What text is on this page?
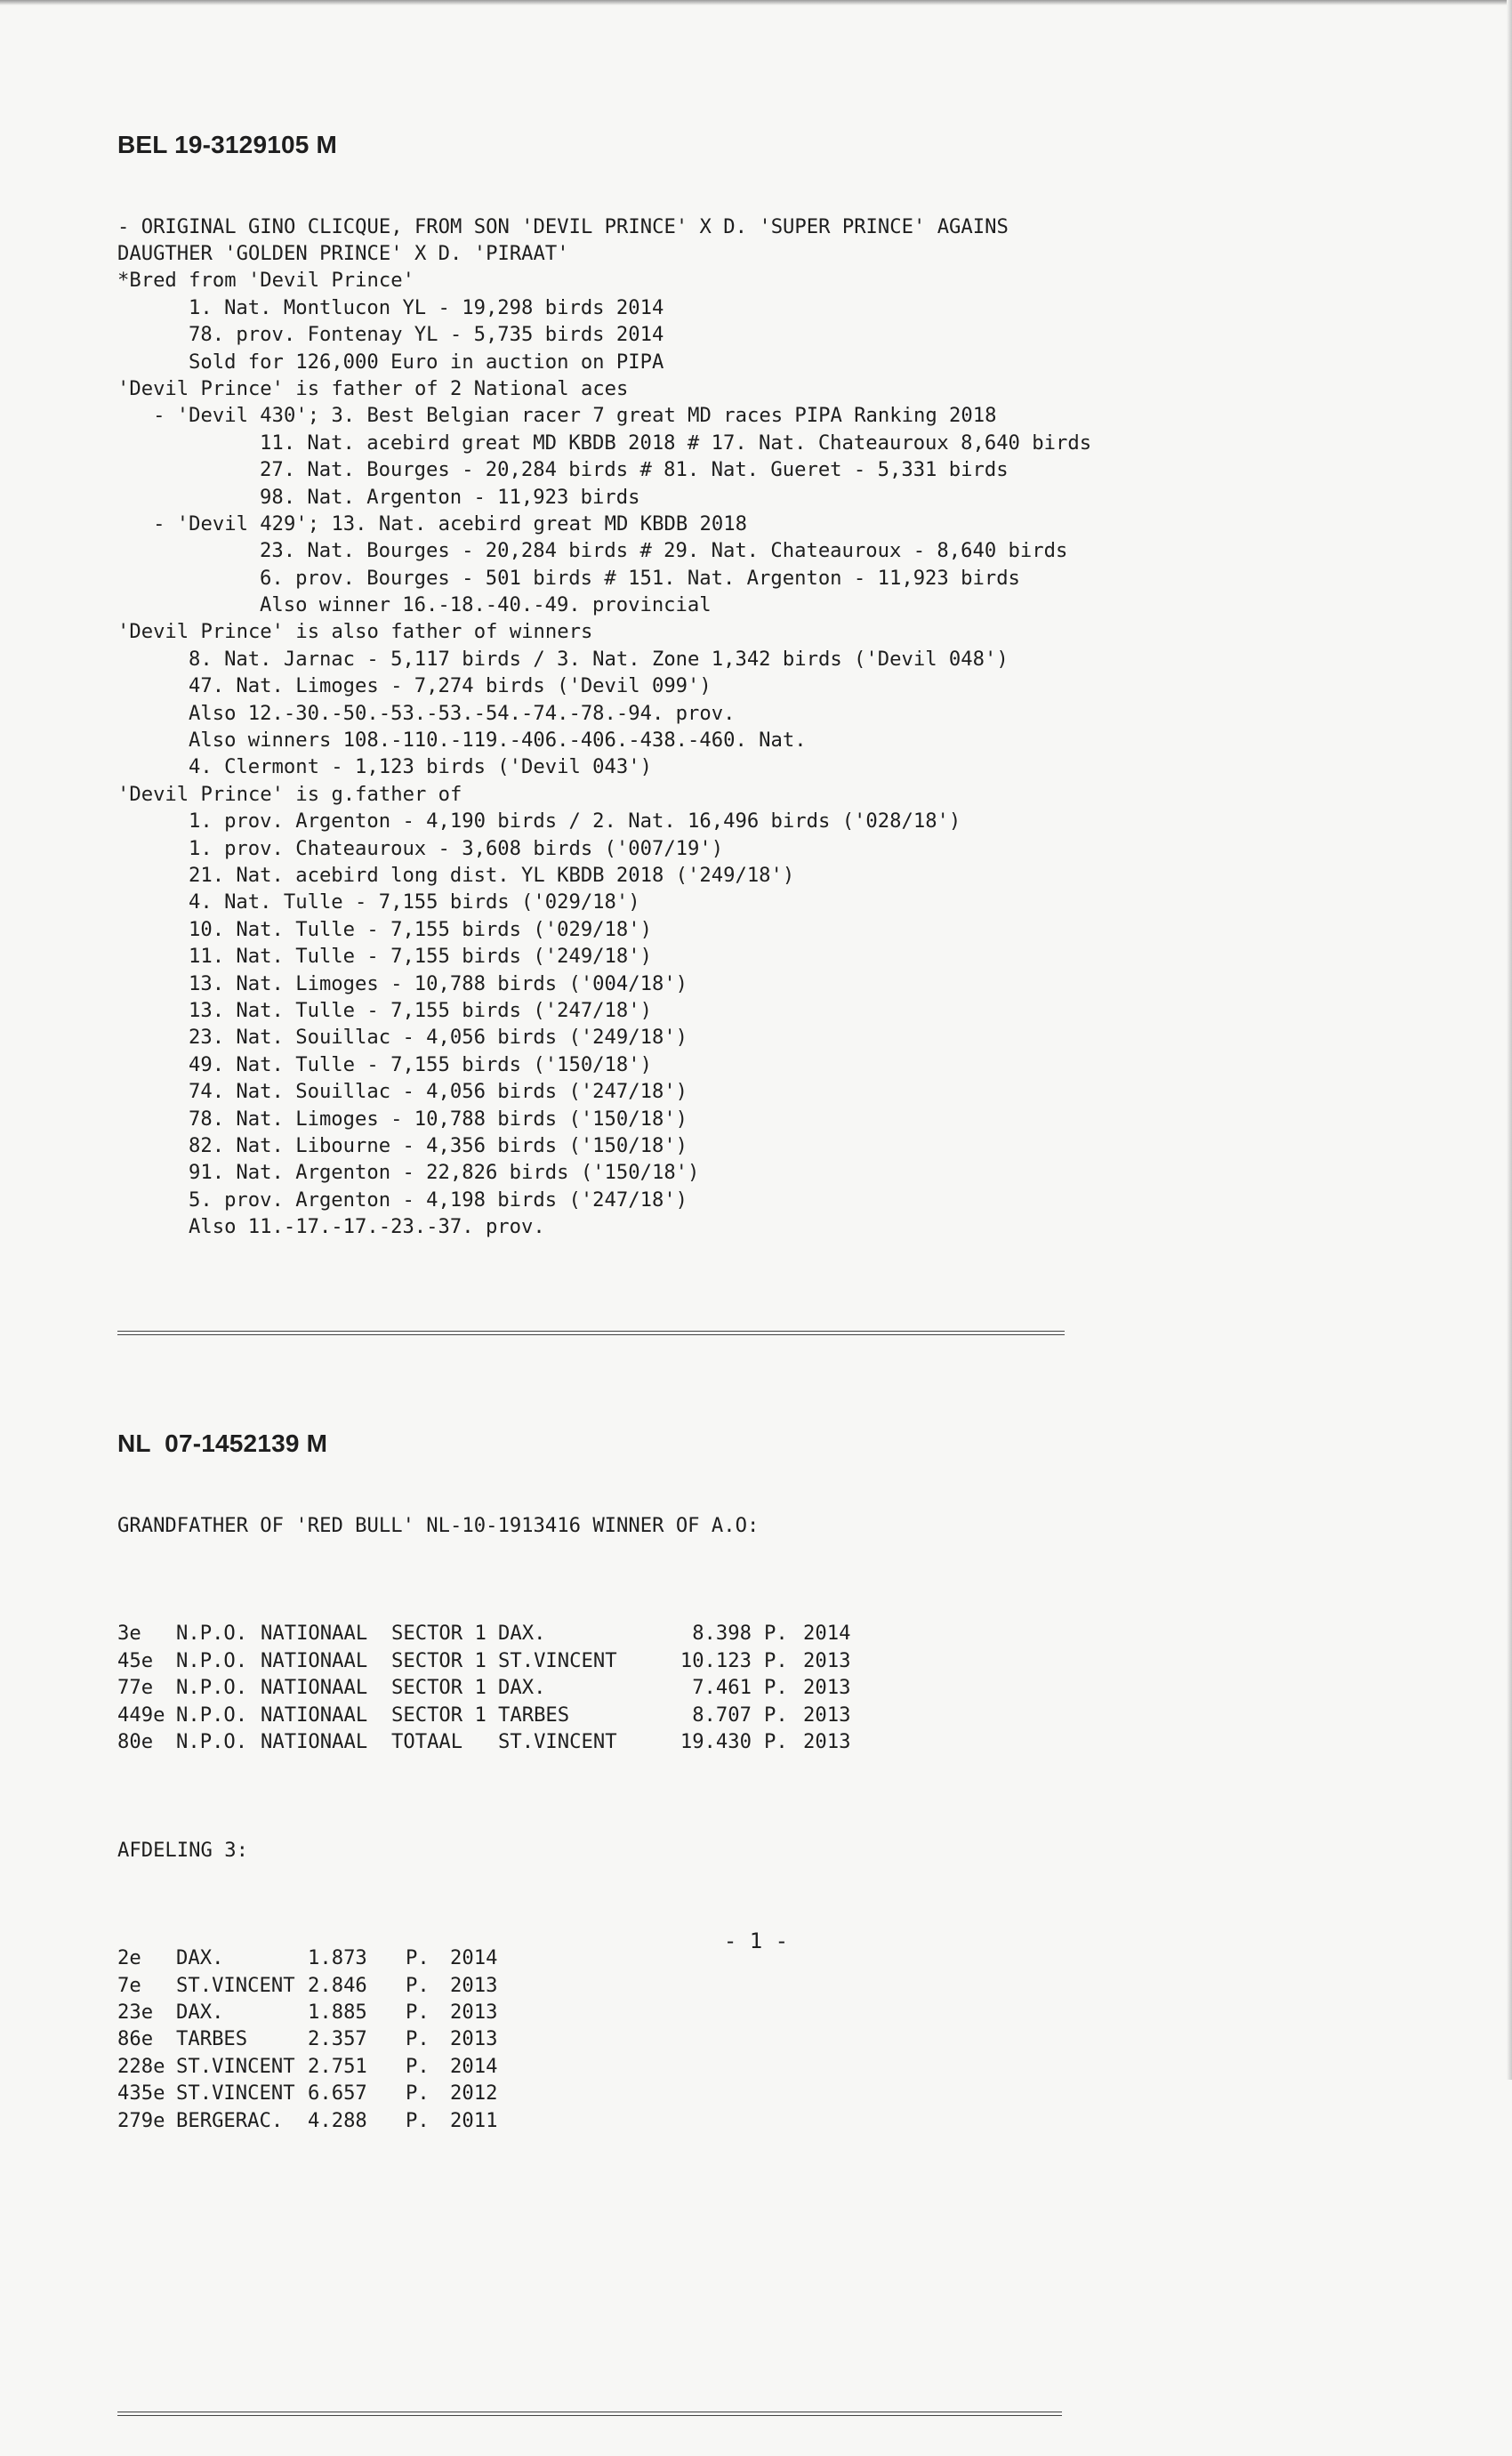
BEL 19-3129105 M

- ORIGINAL GINO CLICQUE, FROM SON 'DEVIL PRINCE' X D. 'SUPER PRINCE' AGAINS
DAUGTHER 'GOLDEN PRINCE' X D. 'PIRAAT'
*Bred from 'Devil Prince'
1. Nat. Montlucon YL - 19,298 birds 2014
78. prov. Fontenay YL - 5,735 birds 2014
Sold for 126,000 Euro in auction on PIPA
'Devil Prince' is father of 2 National aces
- 'Devil 430'; 3. Best Belgian racer 7 great MD races PIPA Ranking 2018
11. Nat. acebird great MD KBDB 2018 # 17. Nat. Chateauroux 8,640 birds
27. Nat. Bourges - 20,284 birds # 81. Nat. Gueret - 5,331 birds
98. Nat. Argenton - 11,923 birds
- 'Devil 429'; 13. Nat. acebird great MD KBDB 2018
23. Nat. Bourges - 20,284 birds # 29. Nat. Chateauroux - 8,640 birds
6. prov. Bourges - 501 birds # 151. Nat. Argenton - 11,923 birds
Also winner 16.-18.-40.-49. provincial
'Devil Prince' is also father of winners
8. Nat. Jarnac - 5,117 birds / 3. Nat. Zone 1,342 birds ('Devil 048')
47. Nat. Limoges - 7,274 birds ('Devil 099')
Also 12.-30.-50.-53.-53.-54.-74.-78.-94. prov.
Also winners 108.-110.-119.-406.-406.-438.-460. Nat.
4. Clermont - 1,123 birds ('Devil 043')
'Devil Prince' is g.father of
1. prov. Argenton - 4,190 birds / 2. Nat. 16,496 birds ('028/18')
1. prov. Chateauroux - 3,608 birds ('007/19')
21. Nat. acebird long dist. YL KBDB 2018 ('249/18')
4. Nat. Tulle - 7,155 birds ('029/18')
10. Nat. Tulle - 7,155 birds ('029/18')
11. Nat. Tulle - 7,155 birds ('249/18')
13. Nat. Limoges - 10,788 birds ('004/18')
13. Nat. Tulle - 7,155 birds ('247/18')
23. Nat. Souillac - 4,056 birds ('249/18')
49. Nat. Tulle - 7,155 birds ('150/18')
74. Nat. Souillac - 4,056 birds ('247/18')
78. Nat. Limoges - 10,788 birds ('150/18')
82. Nat. Libourne - 4,356 birds ('150/18')
91. Nat. Argenton - 22,826 birds ('150/18')
5. prov. Argenton - 4,198 birds ('247/18')
Also 11.-17.-17.-23.-37. prov.

NL  07-1452139 M

GRANDFATHER OF 'RED BULL' NL-10-1913416 WINNER OF A.O:

3e	N.P.O.	NATIONAAL	SECTOR 1	DAX.	8.398	P.	2014
45e	N.P.O.	NATIONAAL	SECTOR 1	ST.VINCENT	10.123	P.	2013
77e	N.P.O.	NATIONAAL	SECTOR 1	DAX.	7.461	P.	2013
449e	N.P.O.	NATIONAAL	SECTOR 1	TARBES	8.707	P.	2013
80e	N.P.O.	NATIONAAL	TOTAAL	ST.VINCENT	19.430	P.	2013

AFDELING 3:

2e	DAX.	1.873	P.	2014
7e	ST.VINCENT	2.846	P.	2013
23e	DAX.	1.885	P.	2013
86e	TARBES	2.357	P.	2013
228e	ST.VINCENT	2.751	P.	2014
435e	ST.VINCENT	6.657	P.	2012
279e	BERGERAC.	4.288	P.	2011

- 1 -
